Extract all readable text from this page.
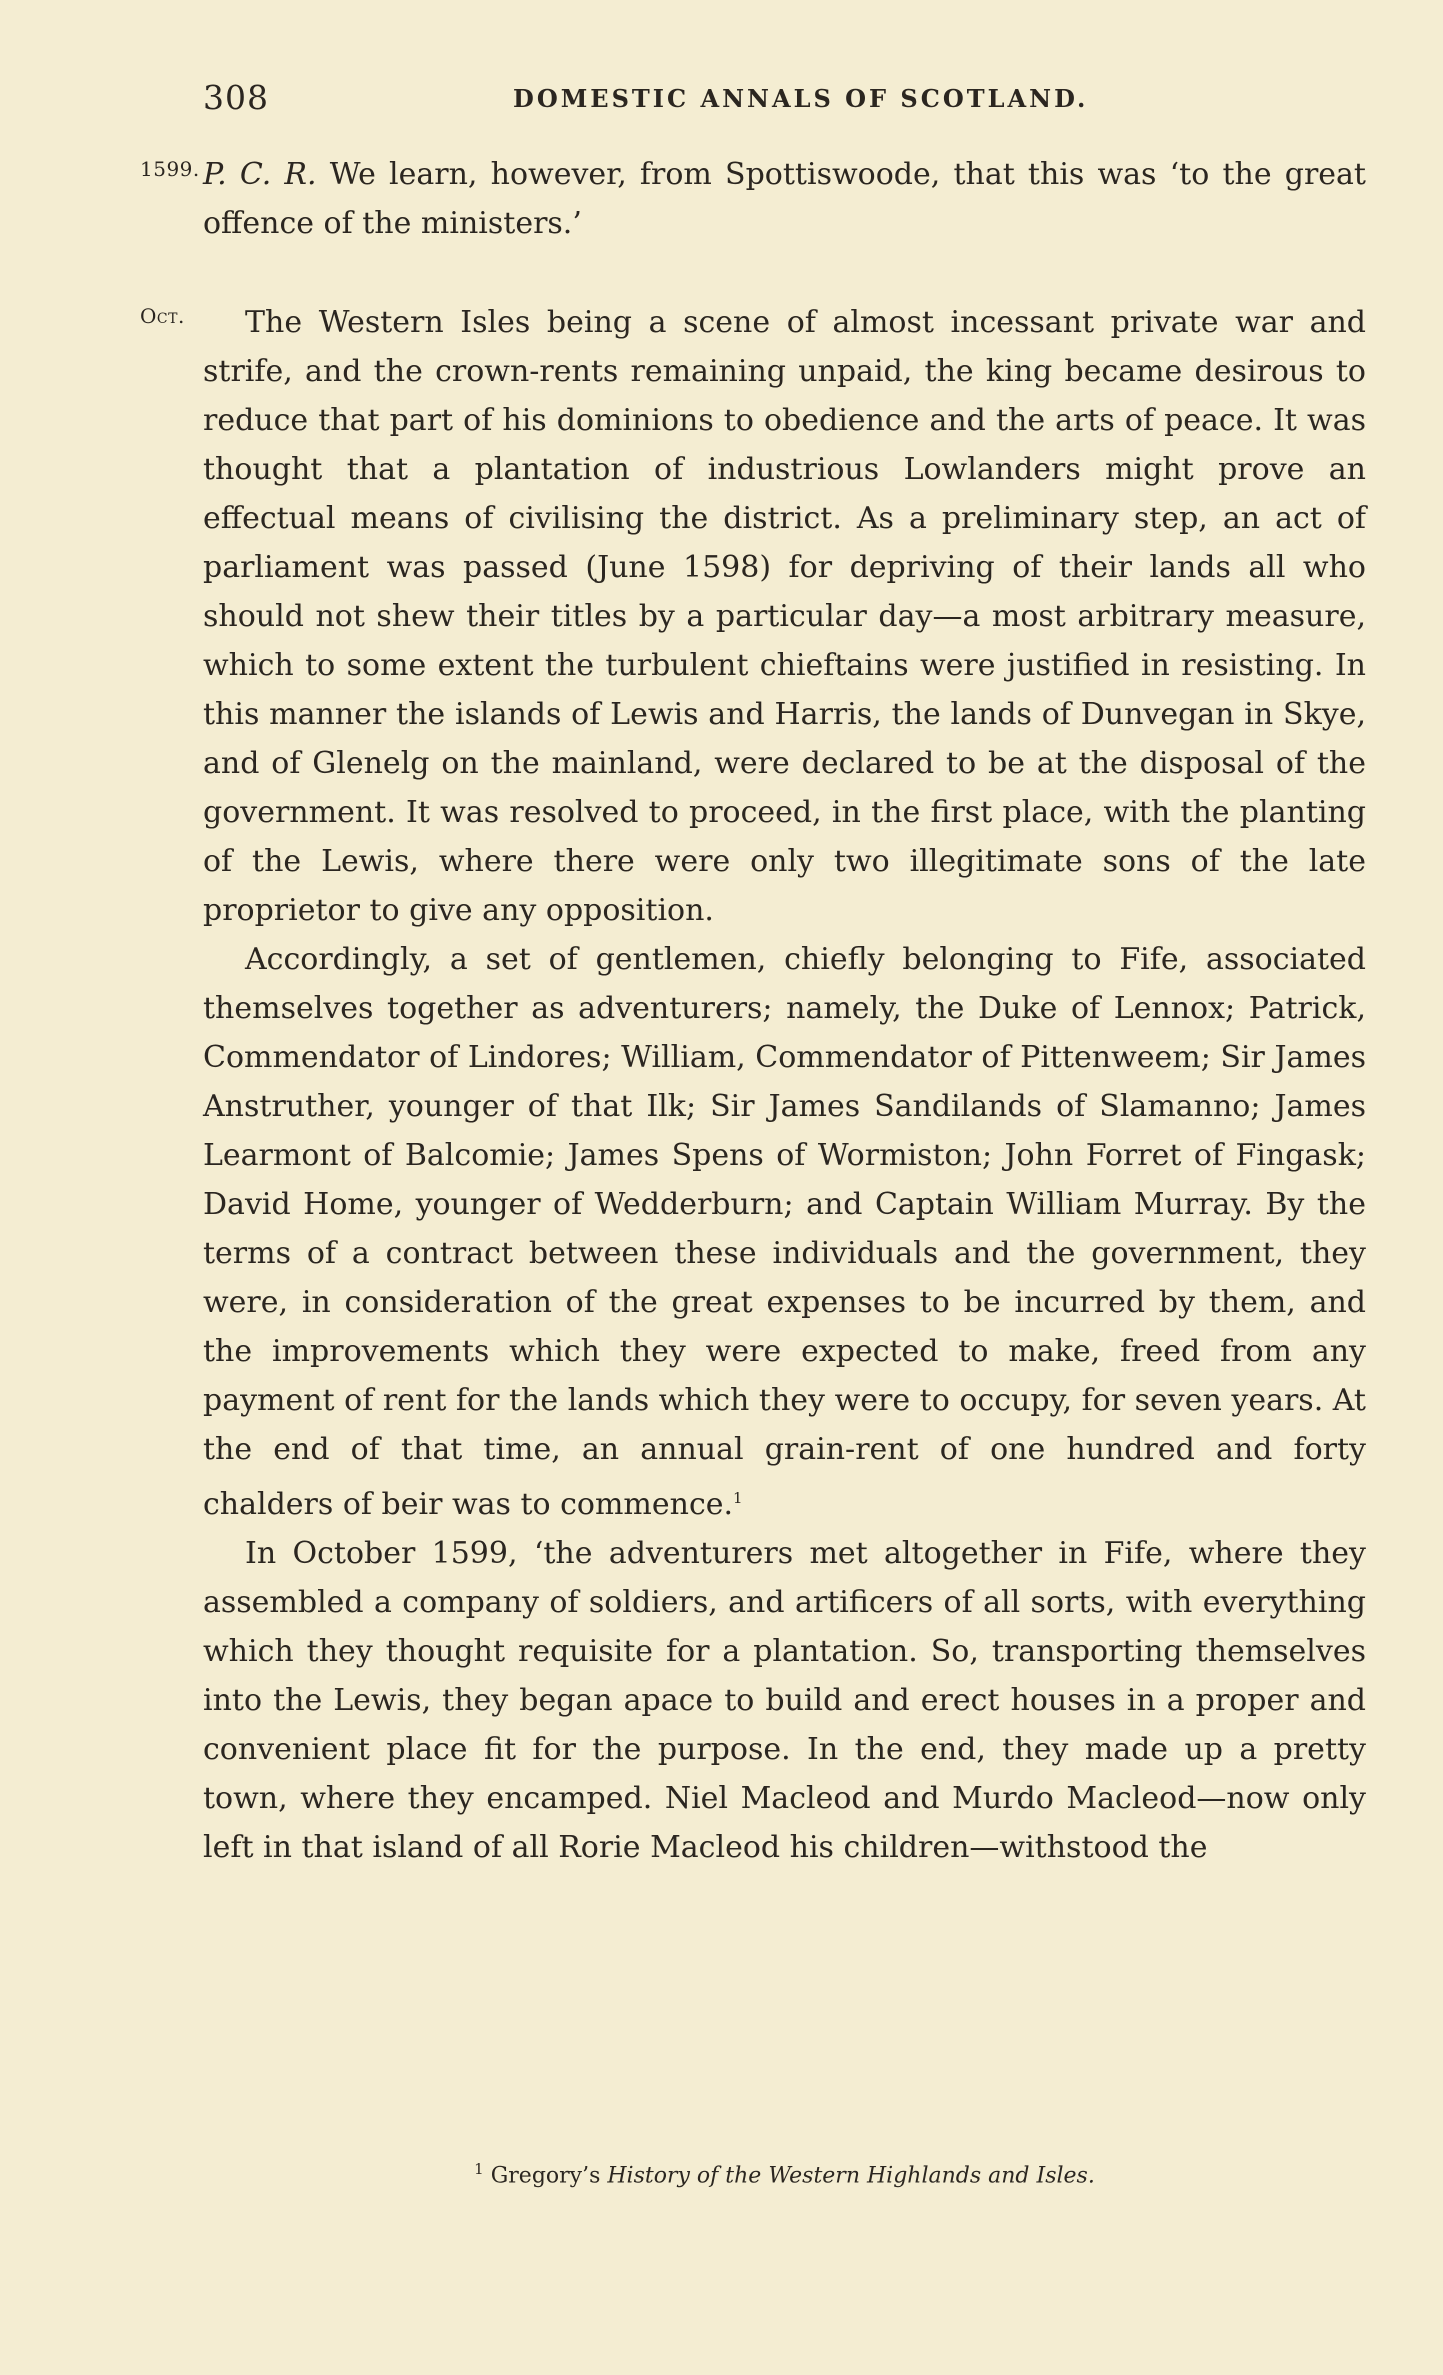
308	DOMESTIC ANNALS OF SCOTLAND.
1599.
Oct.

P. C. R. We learn, however, from Spottiswoode, that this was ‘to the great offence of the ministers.’

The Western Isles being a scene of almost incessant private war and strife, and the crown-rents remaining unpaid, the king became desirous to reduce that part of his dominions to obedience and the arts of peace. It was thought that a plantation of industrious Lowlanders might prove an effectual means of civilising the district. As a preliminary step, an act of parliament was passed (June 1598) for depriving of their lands all who should not shew their titles by a particular day—a most arbitrary measure, which to some extent the turbulent chieftains were justified in resisting. In this manner the islands of Lewis and Harris, the lands of Dunvegan in Skye, and of Glenelg on the mainland, were declared to be at the disposal of the government. It was resolved to proceed, in the first place, with the planting of the Lewis, where there were only two illegitimate sons of the late proprietor to give any opposition.

Accordingly, a set of gentlemen, chiefly belonging to Fife, associated themselves together as adventurers; namely, the Duke of Lennox; Patrick, Commendator of Lindores; William, Commendator of Pittenweem; Sir James Anstruther, younger of that Ilk; Sir James Sandilands of Slamanno; James Learmont of Balcomie; James Spens of Wormiston; John Forret of Fingask; David Home, younger of Wedderburn; and Captain William Murray. By the terms of a contract between these individuals and the government, they were, in consideration of the great expenses to be incurred by them, and the improvements which they were expected to make, freed from any payment of rent for the lands which they were to occupy, for seven years. At the end of that time, an annual grain-rent of one hundred and forty chalders of beir was to commence.$^1$

In October 1599, ‘the adventurers met altogether in Fife, where they assembled a company of soldiers, and artificers of all sorts, with everything which they thought requisite for a plantation. So, transporting themselves into the Lewis, they began apace to build and erect houses in a proper and convenient place fit for the purpose. In the end, they made up a pretty town, where they encamped. Niel Macleod and Murdo Macleod—now only left in that island of all Rorie Macleod his children—withstood the

$^1$ Gregory’s History of the Western Highlands and Isles.
